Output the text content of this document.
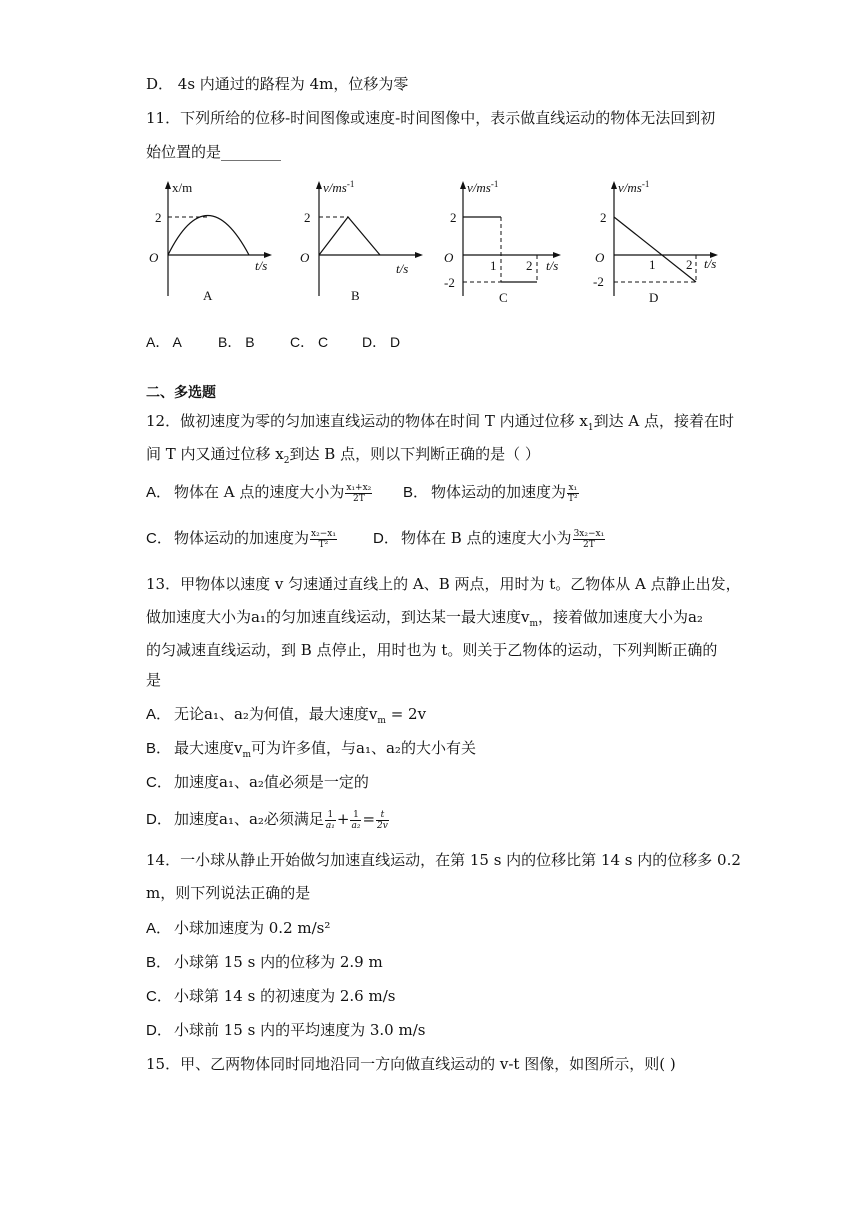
D． 4s 内通过的路程为 4m，位移为零
11．下列所给的位移-时间图像或速度-时间图像中，表示做直线运动的物体无法回到初
始位置的是________
x/m
2
O
t/s
A
$v/ms^{-1}$
2
O
t/s
B
$v/ms^{-1}$
2
-2
O
1 2 t/s
C
$v/ms^{-1}$
2
-2
O	1 2 t/s
D
A． A	B． B	C． C D． D
二、多选题
12．做初速度为零的匀加速直线运动的物体在时间 T 内通过位移 $x_1$到达 A 点，接着在时
间 T 内又通过位移 $x_2$到达 B 点，则以下判断正确的是（ ）
A． 物体在 A 点的速度大小为 $\frac{\text{x₁+x₂}}{2T}$ B． 物体运动的加速度为 $\frac{\text{x₁}}{\text{T²}}$
C． 物体运动的加速度为 $\frac{\text{x₂−x₁}}{\text{T²}}$ D． 物体在 B 点的速度大小为 $\frac{\text{3x₂−x₁}}{2T}$
13．甲物体以速度 v 匀速通过直线上的 A、B 两点，用时为 t。乙物体从 A 点静止出发，
做加速度大小为a₁的匀加速直线运动，到达某一最大速度$v_m$，接着做加速度大小为a₂
的匀减速直线运动，到 B 点停止，用时也为 t。则关于乙物体的运动，下列判断正确的
是
A． 无论a₁、a₂为何值，最大速度$v_m = 2v$
B． 最大速度$v_m$可为许多值，与a₁、a₂的大小有关
C． 加速度a₁、a₂值必须是一定的
D． 加速度a₁、a₂必须满足 $\frac{1}{\text{a₁}} + \frac{1}{\text{a₂}} = \frac{t}{2v}$
14．一小球从静止开始做匀加速直线运动，在第 15 s 内的位移比第 14 s 内的位移多 0.2
m，则下列说法正确的是
A． 小球加速度为 0.2 m/s²
B． 小球第 15 s 内的位移为 2.9 m
C． 小球第 14 s 的初速度为 2.6 m/s
D． 小球前 15 s 内的平均速度为 3.0 m/s
15．甲、乙两物体同时同地沿同一方向做直线运动的 v-t 图像，如图所示，则( )
